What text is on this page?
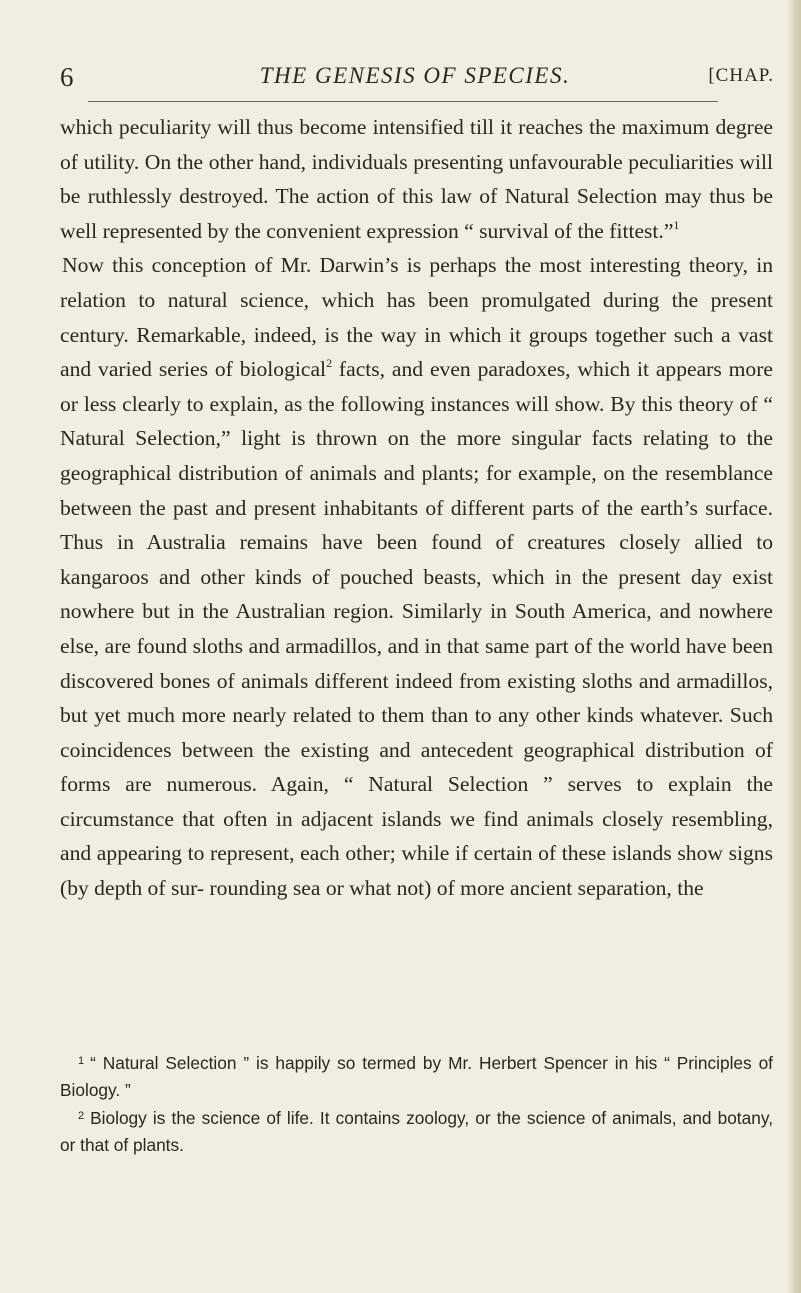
6	THE GENESIS OF SPECIES.	[CHAP.

which peculiarity will thus become intensified till it reaches the maximum degree of utility. On the other hand, individuals presenting unfavourable peculiarities will be ruthlessly destroyed. The action of this law of Natural Selection may thus be well represented by the convenient expression “ survival of the fittest.”$^1$

Now this conception of Mr. Darwin’s is perhaps the most interesting theory, in relation to natural science, which has been promulgated during the present century. Remarkable, indeed, is the way in which it groups together such a vast and varied series of biological$^2$ facts, and even paradoxes, which it appears more or less clearly to explain, as the following instances will show. By this theory of “ Natural Selection,” light is thrown on the more singular facts relating to the geographical distribution of animals and plants; for example, on the resemblance between the past and present inhabitants of different parts of the earth’s surface. Thus in Australia remains have been found of creatures closely allied to kangaroos and other kinds of pouched beasts, which in the present day exist nowhere but in the Australian region. Similarly in South America, and nowhere else, are found sloths and armadillos, and in that same part of the world have been discovered bones of animals different indeed from existing sloths and armadillos, but yet much more nearly related to them than to any other kinds whatever. Such coincidences between the existing and antecedent geographical distribution of forms are numerous. Again, “ Natural Selection ” serves to explain the circumstance that often in adjacent islands we find animals closely resembling, and appearing to represent, each other; while if certain of these islands show signs (by depth of sur- rounding sea or what not) of more ancient separation, the

$^1$ “ Natural Selection ” is happily so termed by Mr. Herbert Spencer in his “ Principles of Biology. ”

$^2$ Biology is the science of life. It contains zoology, or the science of animals, and botany, or that of plants.
